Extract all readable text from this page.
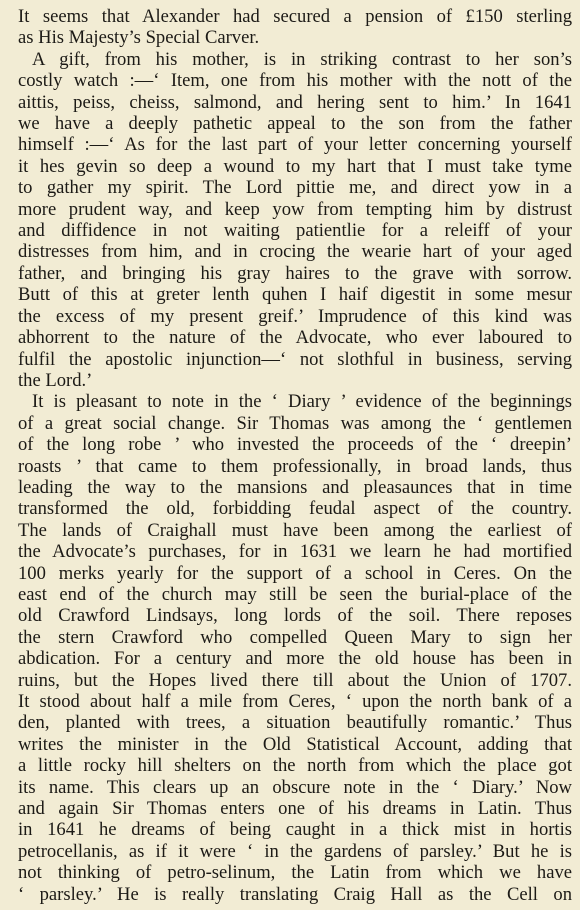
It seems that Alexander had secured a pension of £150 sterling
as His Majesty’s Special Carver.

A gift, from his mother, is in striking contrast to her son’s
costly watch :—‘ Item, one from his mother with the nott of the
aittis, peiss, cheiss, salmond, and hering sent to him.’ In 1641
we have a deeply pathetic appeal to the son from the father
himself :—‘ As for the last part of your letter concerning yourself
it hes gevin so deep a wound to my hart that I must take tyme
to gather my spirit. The Lord pittie me, and direct yow in a
more prudent way, and keep yow from tempting him by distrust
and diffidence in not waiting patientlie for a releiff of your
distresses from him, and in crocing the wearie hart of your aged
father, and bringing his gray haires to the grave with sorrow.
Butt of this at greter lenth quhen I haif digestit in some mesur
the excess of my present greif.’ Imprudence of this kind was
abhorrent to the nature of the Advocate, who ever laboured to
fulfil the apostolic injunction—‘ not slothful in business, serving
the Lord.’

It is pleasant to note in the ‘ Diary ’ evidence of the beginnings
of a great social change. Sir Thomas was among the ‘ gentlemen
of the long robe ’ who invested the proceeds of the ‘ dreepin’
roasts ’ that came to them professionally, in broad lands, thus
leading the way to the mansions and pleasaunces that in time
transformed the old, forbidding feudal aspect of the country.
The lands of Craighall must have been among the earliest of
the Advocate’s purchases, for in 1631 we learn he had mortified
100 merks yearly for the support of a school in Ceres. On the
east end of the church may still be seen the burial-place of the
old Crawford Lindsays, long lords of the soil. There reposes
the stern Crawford who compelled Queen Mary to sign her
abdication. For a century and more the old house has been in
ruins, but the Hopes lived there till about the Union of 1707.
It stood about half a mile from Ceres, ‘ upon the north bank of a
den, planted with trees, a situation beautifully romantic.’ Thus
writes the minister in the Old Statistical Account, adding that
a little rocky hill shelters on the north from which the place got
its name. This clears up an obscure note in the ‘ Diary.’ Now
and again Sir Thomas enters one of his dreams in Latin. Thus
in 1641 he dreams of being caught in a thick mist in hortis
petrocellanis, as if it were ‘ in the gardens of parsley.’ But he is
not thinking of petro-selinum, the Latin from which we have
‘ parsley.’ He is really translating Craig Hall as the Cell on
